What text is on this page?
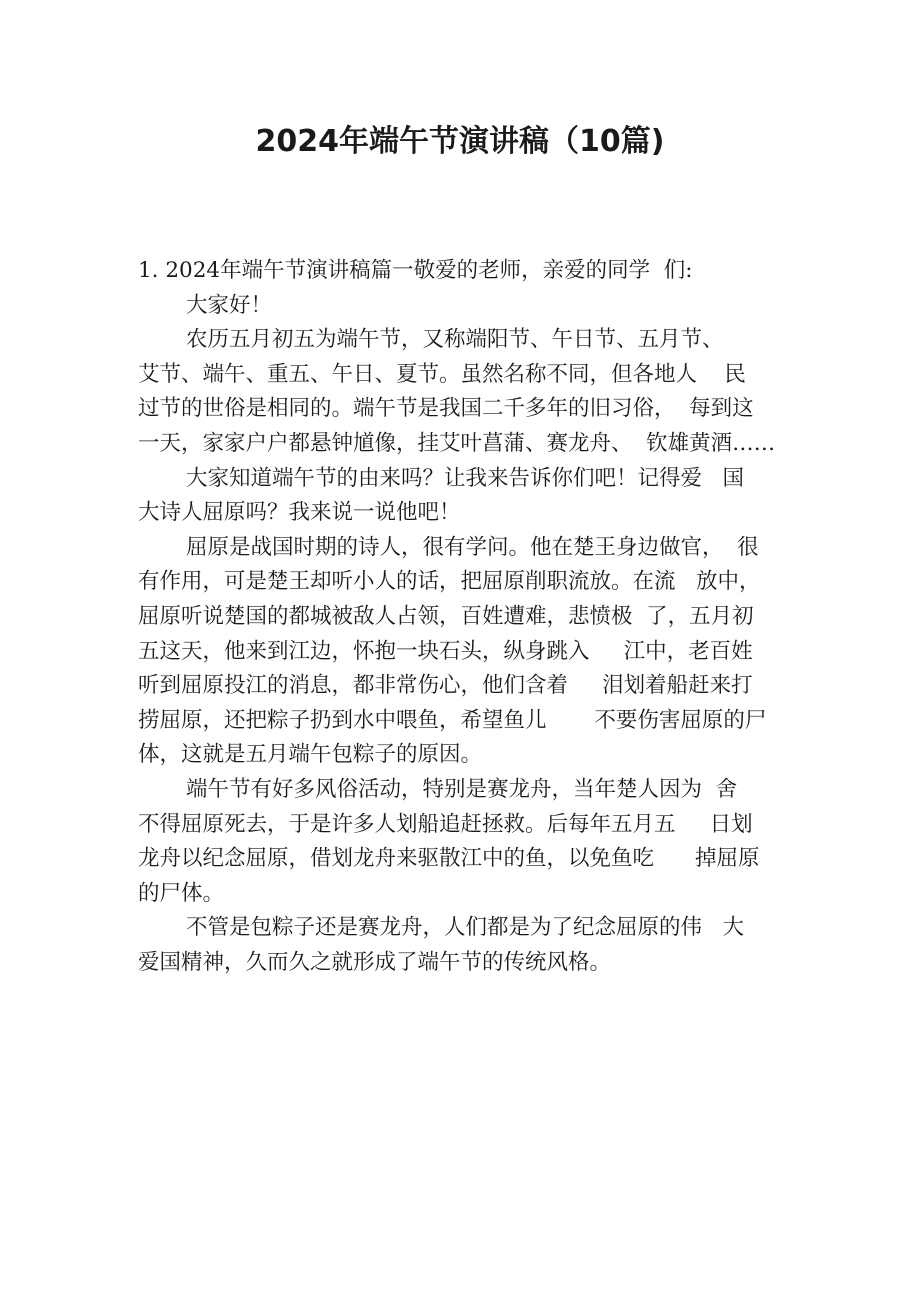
2024年端午节演讲稿（10篇)
1. 2024年端午节演讲稿篇一敬爱的老师，亲爱的同学  们:
大家好！
农历五月初五为端午节，又称端阳节、午日节、五月节、
艾节、端午、重五、午日、夏节。虽然名称不同，但各地人    民
过节的世俗是相同的。端午节是我国二千多年的旧习俗，  每到这
一天，家家户户都悬钟馗像，挂艾叶菖蒲、赛龙舟、  钦雄黄酒……
大家知道端午节的由来吗？让我来告诉你们吧！记得爱   国
大诗人屈原吗？我来说一说他吧！
屈原是战国时期的诗人，很有学问。他在楚王身边做官，  很
有作用，可是楚王却听小人的话，把屈原削职流放。在流   放中，
屈原听说楚国的都城被敌人占领，百姓遭难，悲愤极  了，五月初
五这天，他来到江边，怀抱一块石头，纵身跳入     江中，老百姓
听到屈原投江的消息，都非常伤心，他们含着     泪划着船赶来打
捞屈原，还把粽子扔到水中喂鱼，希望鱼儿       不要伤害屈原的尸
体，这就是五月端午包粽子的原因。
端午节有好多风俗活动，特别是赛龙舟，当年楚人因为  舍
不得屈原死去，于是许多人划船追赶拯救。后每年五月五     日划
龙舟以纪念屈原，借划龙舟来驱散江中的鱼，以免鱼吃      掉屈原
的尸体。
不管是包粽子还是赛龙舟，人们都是为了纪念屈原的伟   大
爱国精神，久而久之就形成了端午节的传统风格。
